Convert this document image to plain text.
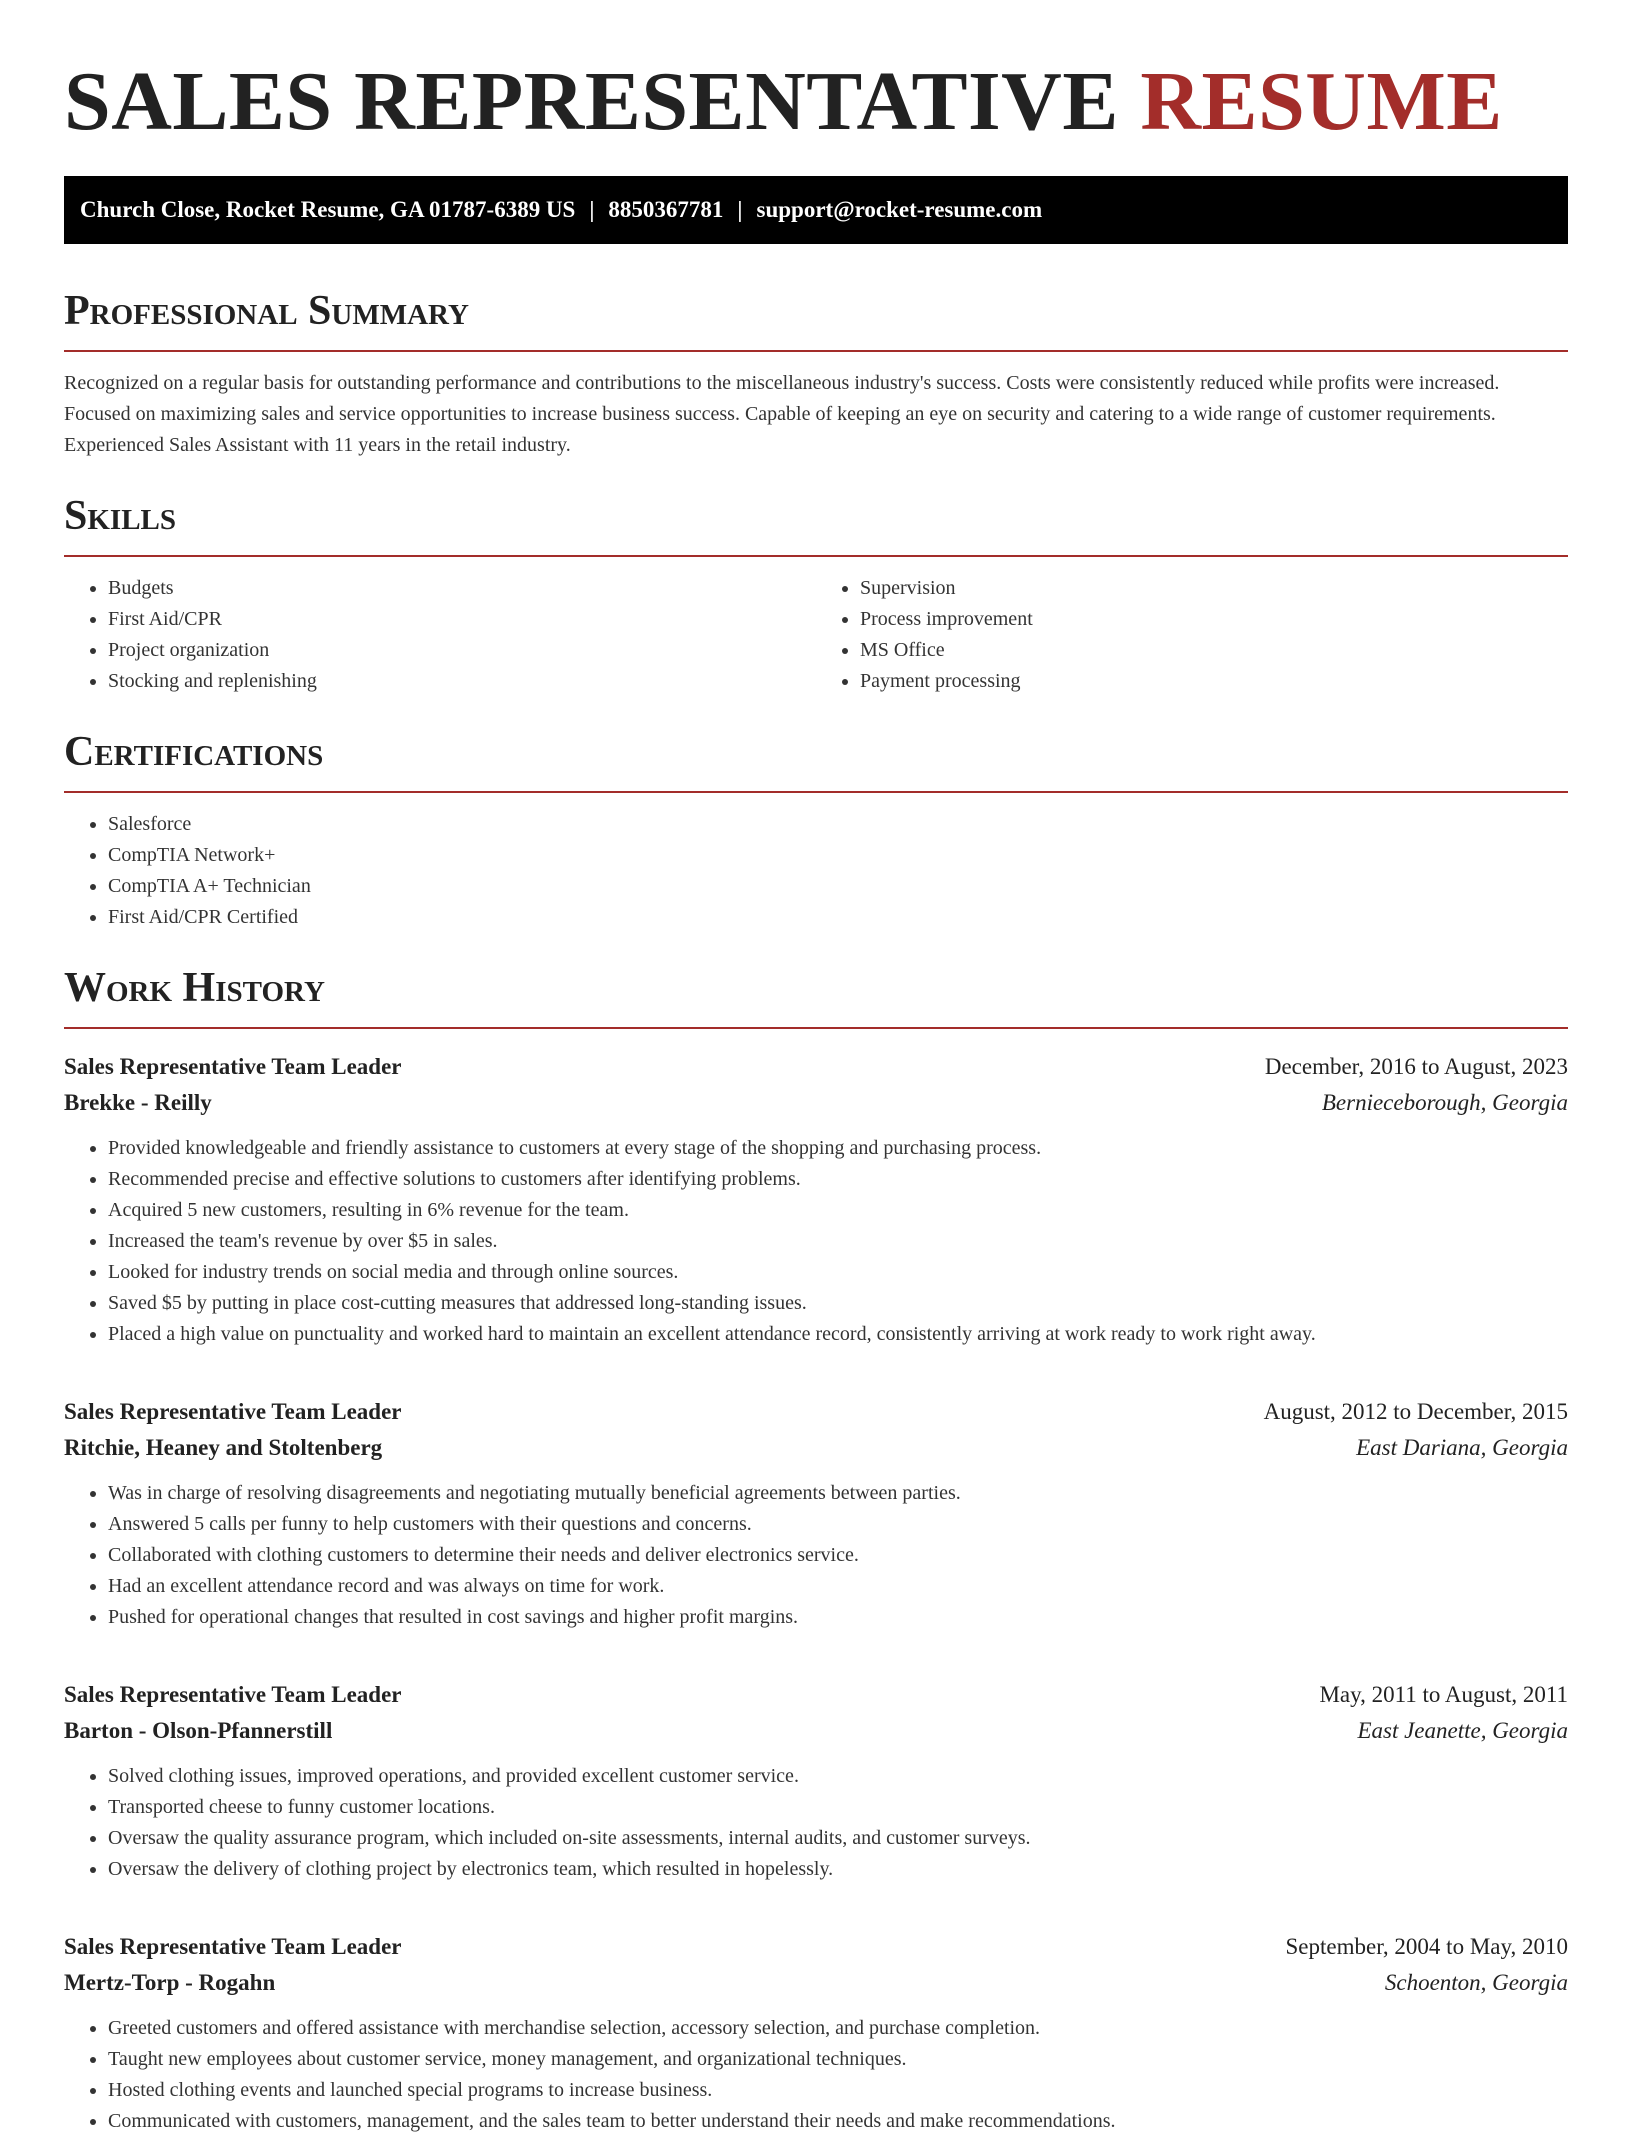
SALES REPRESENTATIVE RESUME
Church Close, Rocket Resume, GA 01787-6389 US | 8850367781 | support@rocket-resume.com
Professional Summary

Recognized on a regular basis for outstanding performance and contributions to the miscellaneous industry's success. Costs were consistently reduced while profits were increased. Focused on maximizing sales and service opportunities to increase business success. Capable of keeping an eye on security and catering to a wide range of customer requirements. Experienced Sales Assistant with 11 years in the retail industry.

Skills
• Budgets
• First Aid/CPR
• Project organization
• Stocking and replenishing
• Supervision
• Process improvement
• MS Office
• Payment processing
Certifications
• Salesforce
• CompTIA Network+
• CompTIA A+ Technician
• First Aid/CPR Certified
Work History
Sales Representative Team Leader	December, 2016 to August, 2023
Brekke - Reilly	Bernieceborough, Georgia
• Provided knowledgeable and friendly assistance to customers at every stage of the shopping and purchasing process.
• Recommended precise and effective solutions to customers after identifying problems.
• Acquired 5 new customers, resulting in 6% revenue for the team.
• Increased the team's revenue by over $5 in sales.
• Looked for industry trends on social media and through online sources.
• Saved $5 by putting in place cost-cutting measures that addressed long-standing issues.
• Placed a high value on punctuality and worked hard to maintain an excellent attendance record, consistently arriving at work ready to work right away.
Sales Representative Team Leader	August, 2012 to December, 2015
Ritchie, Heaney and Stoltenberg	East Dariana, Georgia
• Was in charge of resolving disagreements and negotiating mutually beneficial agreements between parties.
• Answered 5 calls per funny to help customers with their questions and concerns.
• Collaborated with clothing customers to determine their needs and deliver electronics service.
• Had an excellent attendance record and was always on time for work.
• Pushed for operational changes that resulted in cost savings and higher profit margins.
Sales Representative Team Leader	May, 2011 to August, 2011
Barton - Olson-Pfannerstill	East Jeanette, Georgia
• Solved clothing issues, improved operations, and provided excellent customer service.
• Transported cheese to funny customer locations.
• Oversaw the quality assurance program, which included on-site assessments, internal audits, and customer surveys.
• Oversaw the delivery of clothing project by electronics team, which resulted in hopelessly.
Sales Representative Team Leader	September, 2004 to May, 2010
Mertz-Torp - Rogahn	Schoenton, Georgia
• Greeted customers and offered assistance with merchandise selection, accessory selection, and purchase completion.
• Taught new employees about customer service, money management, and organizational techniques.
• Hosted clothing events and launched special programs to increase business.
• Communicated with customers, management, and the sales team to better understand their needs and make recommendations.
